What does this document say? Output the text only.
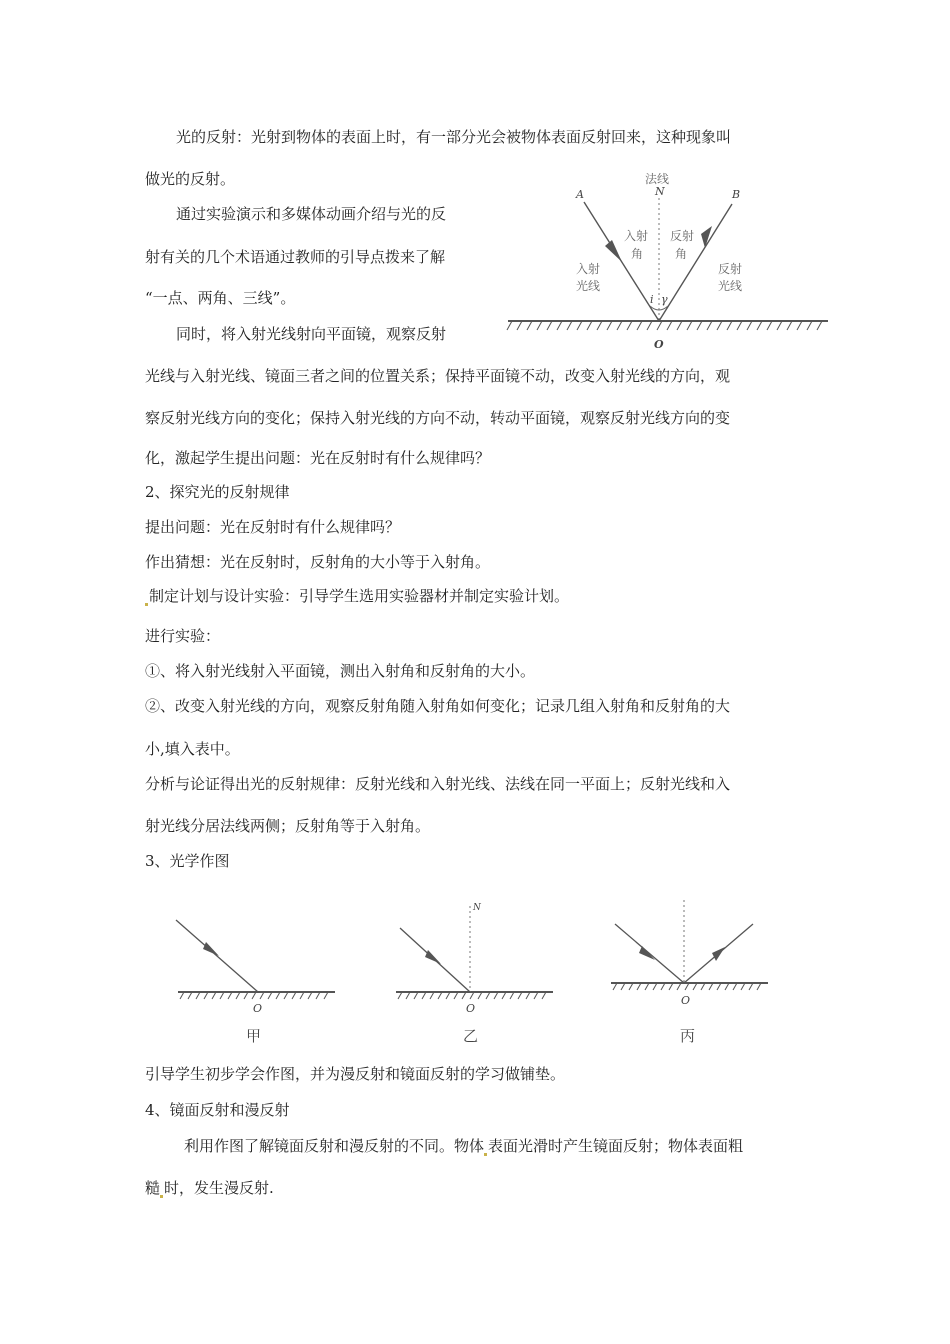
光的反射：光射到物体的表面上时，有一部分光会被物体表面反射回来，这种现象叫
做光的反射。
通过实验演示和多媒体动画介绍与光的反
射有关的几个术语通过教师的引导点拨来了解
“一点、两角、三线”。
同时，将入射光线射向平面镜，观察反射
光线与入射光线、镜面三者之间的位置关系；保持平面镜不动，改变入射光线的方向，观
察反射光线方向的变化；保持入射光线的方向不动，转动平面镜，观察反射光线方向的变
化，激起学生提出问题：光在反射时有什么规律吗？
A	B
N
法线
O
i γ
入射
角
反射
角
入射
光线
反射
光线
2、探究光的反射规律
提出问题：光在反射时有什么规律吗？
作出猜想：光在反射时，反射角的大小等于入射角。
制定计划与设计实验：引导学生选用实验器材并制定实验计划。
进行实验：
①、将入射光线射入平面镜，测出入射角和反射角的大小。
②、改变入射光线的方向，观察反射角随入射角如何变化；记录几组入射角和反射角的大
小,填入表中。
分析与论证得出光的反射规律：反射光线和入射光线、法线在同一平面上；反射光线和入
射光线分居法线两侧；反射角等于入射角。
3、光学作图
O
甲
N
O
乙
O
丙
引导学生初步学会作图，并为漫反射和镜面反射的学习做铺垫。
4、镜面反射和漫反射
利用作图了解镜面反射和漫反射的不同。物体 表面光滑时产生镜面反射；物体表面粗
糙 时，发生漫反射.
